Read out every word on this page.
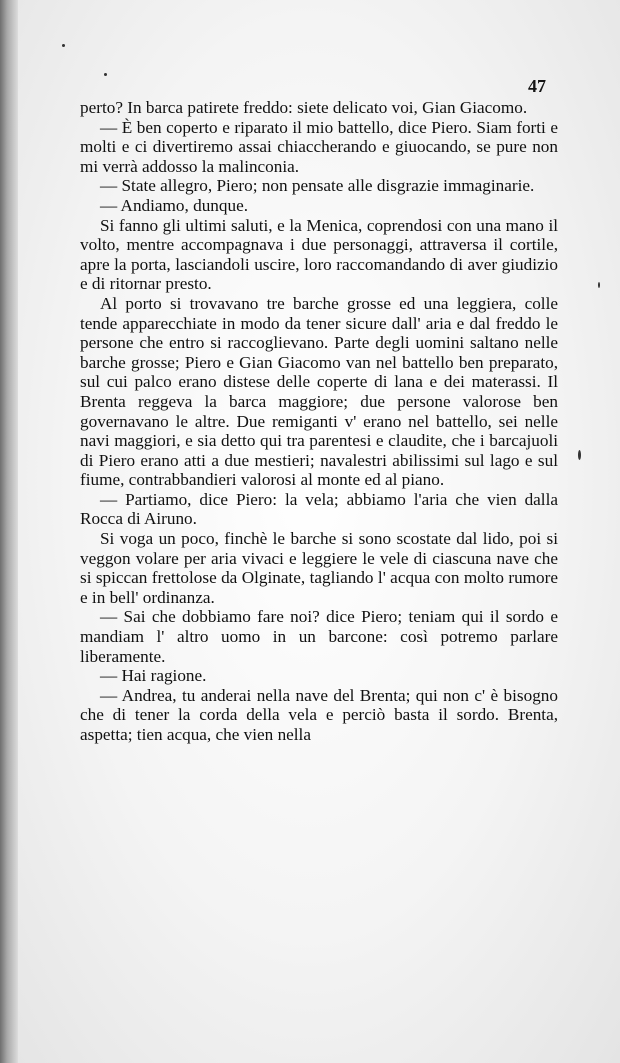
47

perto? In barca patirete freddo: siete delicato voi, Gian Giacomo.

— È ben coperto e riparato il mio battello, dice Piero. Siam forti e molti e ci divertiremo assai chiaccherando e giuocando, se pure non mi verrà addosso la malinconia.

— State allegro, Piero; non pensate alle disgrazie immaginarie.

— Andiamo, dunque.

Si fanno gli ultimi saluti, e la Menica, coprendosi con una mano il volto, mentre accompagnava i due personaggi, attraversa il cortile, apre la porta, lasciandoli uscire, loro raccomandando di aver giudizio e di ritornar presto.

Al porto si trovavano tre barche grosse ed una leggiera, colle tende apparecchiate in modo da tener sicure dall' aria e dal freddo le persone che entro si raccoglievano. Parte degli uomini saltano nelle barche grosse; Piero e Gian Giacomo van nel battello ben preparato, sul cui palco erano distese delle coperte di lana e dei materassi. Il Brenta reggeva la barca maggiore; due persone valorose ben governavano le altre. Due remiganti v' erano nel battello, sei nelle navi maggiori, e sia detto qui tra parentesi e claudite, che i barcajuoli di Piero erano atti a due mestieri; navalestri abilissimi sul lago e sul fiume, contrabbandieri valorosi al monte ed al piano.

— Partiamo, dice Piero: la vela; abbiamo l'aria che vien dalla Rocca di Airuno.

Si voga un poco, finchè le barche si sono scostate dal lido, poi si veggon volare per aria vivaci e leggiere le vele di ciascuna nave che si spiccan frettolose da Olginate, tagliando l' acqua con molto rumore e in bell' ordinanza.

— Sai che dobbiamo fare noi? dice Piero; teniam qui il sordo e mandiam l' altro uomo in un barcone: così potremo parlare liberamente.

— Hai ragione.

— Andrea, tu anderai nella nave del Brenta; qui non c' è bisogno che di tener la corda della vela e perciò basta il sordo. Brenta, aspetta; tien acqua, che vien nella
